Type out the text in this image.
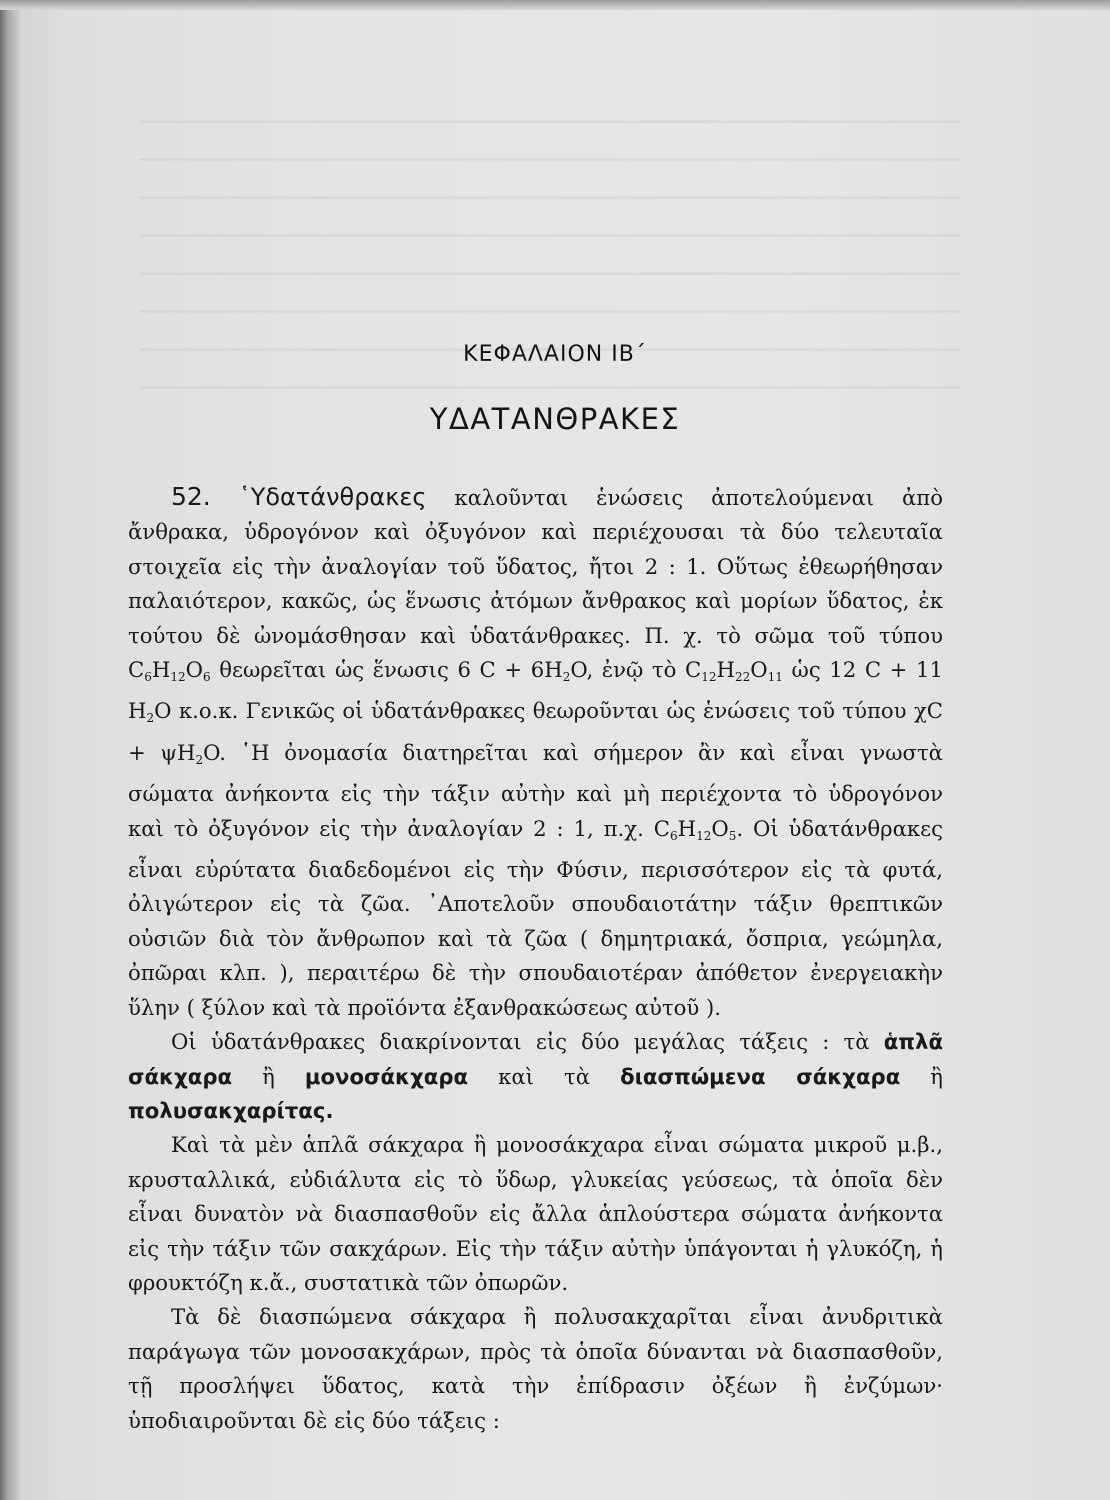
ΚΕΦΑΛΑΙΟΝ ΙΒ΄
ΥΔΑΤΑΝΘΡΑΚΕΣ

52. ῾Υδατάνθρακες καλοῦνται ἑνώσεις ἀποτελούμεναι ἀπὸ ἄνθρακα, ὑδρογόνον καὶ ὀξυγόνον καὶ περιέχουσαι τὰ δύο τελευταῖα στοιχεῖα εἰς τὴν ἀναλογίαν τοῦ ὕδατος, ἤτοι 2 : 1. Οὕτως ἐθεωρήθησαν παλαιότερον, κακῶς, ὡς ἕνωσις ἀτόμων ἄνθρακος καὶ μορίων ὕδατος, ἐκ τούτου δὲ ὠνομάσθησαν καὶ ὑδατάνθρακες. Π. χ. τὸ σῶμα τοῦ τύπου $C_6H_{12}O_6$ θεωρεῖται ὡς ἕνωσις 6 $C + 6H_2O$, ἐνῷ τὸ $C_{12}H_{22}O_{11}$ ὡς 12 C + 11 $H_2O$ κ.ο.κ. Γενικῶς οἱ ὑδατάνθρακες θεωροῦνται ὡς ἑνώσεις τοῦ τύπου $\chi C + \psi H_2O$. ῾Η ὀνομασία διατηρεῖται καὶ σήμερον ἂν καὶ εἶναι γνωστὰ σώματα ἀνήκοντα εἰς τὴν τάξιν αὐτὴν καὶ μὴ περιέχοντα τὸ ὑδρογόνον καὶ τὸ ὀξυγόνον εἰς τὴν ἀναλογίαν 2 : 1, π.χ. $C_6H_{12}O_5$. Οἱ ὑδατάνθρακες εἶναι εὐρύτατα διαδεδομένοι εἰς τὴν Φύσιν, περισσότερον εἰς τὰ φυτά, ὀλιγώτερον εἰς τὰ ζῶα. ᾿Αποτελοῦν σπουδαιοτάτην τάξιν θρεπτικῶν οὐσιῶν διὰ τὸν ἄνθρωπον καὶ τὰ ζῶα ( δημητριακά, ὄσπρια, γεώμηλα, ὀπῶραι κλπ. ), περαιτέρω δὲ τὴν σπουδαιοτέραν ἀπόθετον ἐνεργειακὴν ὕλην ( ξύλον καὶ τὰ προϊόντα ἐξανθρακώσεως αὐτοῦ ).

Οἱ ὑδατάνθρακες διακρίνονται εἰς δύο μεγάλας τάξεις : τὰ ἁπλᾶ σάκχαρα ἢ μονοσάκχαρα καὶ τὰ διασπώμενα σάκχαρα ἢ πολυσακχαρίτας.

Καὶ τὰ μὲν ἁπλᾶ σάκχαρα ἢ μονοσάκχαρα εἶναι σώματα μικροῦ μ.β., κρυσταλλικά, εὐδιάλυτα εἰς τὸ ὕδωρ, γλυκείας γεύσεως, τὰ ὁποῖα δὲν εἶναι δυνατὸν νὰ διασπασθοῦν εἰς ἄλλα ἁπλούστερα σώματα ἀνήκοντα εἰς τὴν τάξιν τῶν σακχάρων. Εἰς τὴν τάξιν αὐτὴν ὑπάγονται ἡ γλυκόζη, ἡ φρουκτόζη κ.ἄ., συστατικὰ τῶν ὀπωρῶν.

Τὰ δὲ διασπώμενα σάκχαρα ἢ πολυσακχαρῖται εἶναι ἀνυδριτικὰ παράγωγα τῶν μονοσακχάρων, πρὸς τὰ ὁποῖα δύνανται νὰ διασπασθοῦν, τῇ προσλήψει ὕδατος, κατὰ τὴν ἐπίδρασιν ὀξέων ἢ ἐνζύμων· ὑποδιαιροῦνται δὲ εἰς δύο τάξεις :
